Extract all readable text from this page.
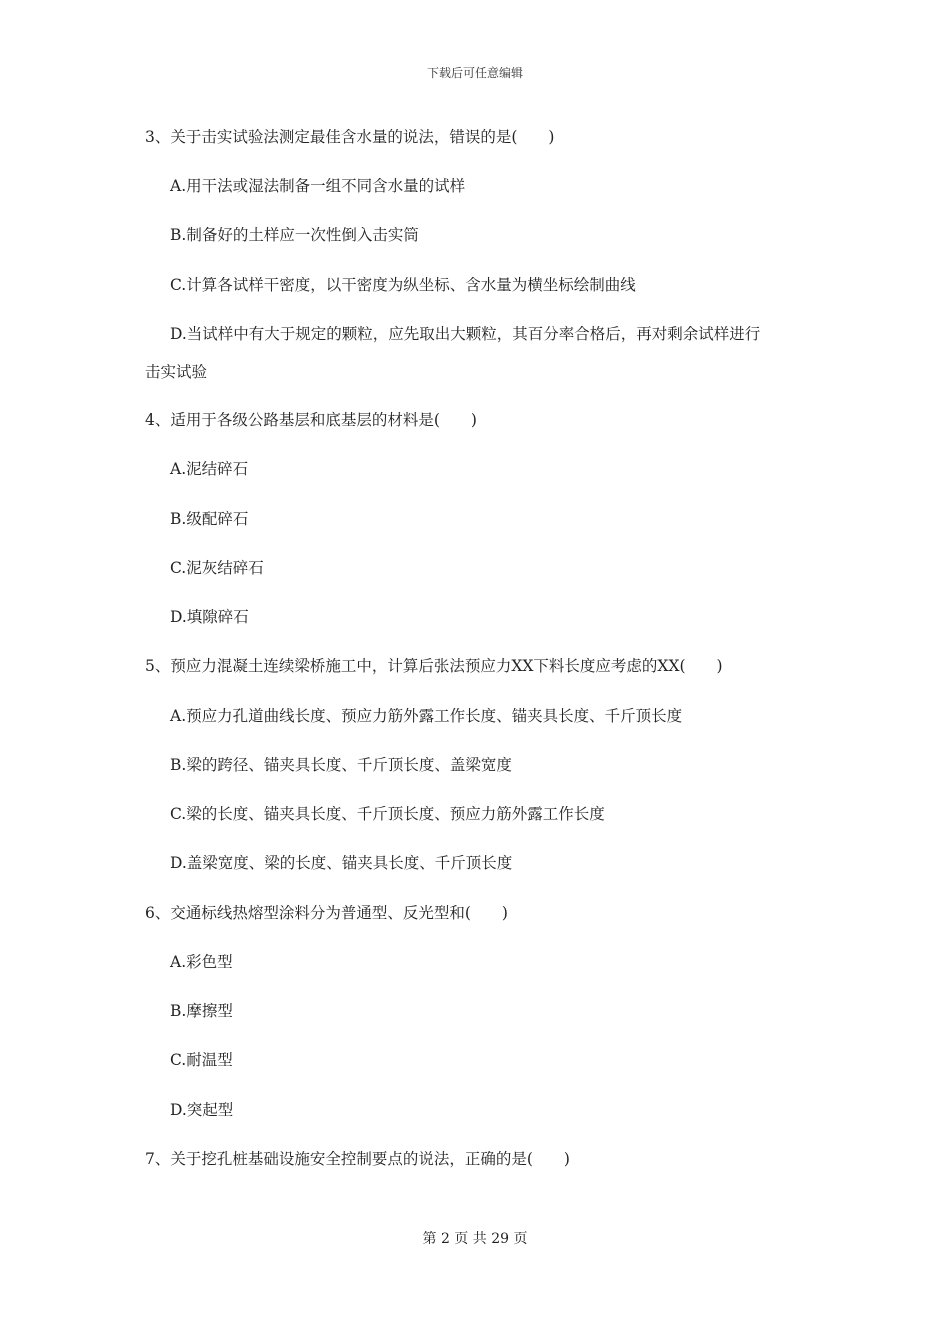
下载后可任意编辑
3、关于击实试验法测定最佳含水量的说法，错误的是(　　)
A.用干法或湿法制备一组不同含水量的试样
B.制备好的土样应一次性倒入击实筒
C.计算各试样干密度，以干密度为纵坐标、含水量为横坐标绘制曲线
D.当试样中有大于规定的颗粒，应先取出大颗粒，其百分率合格后，再对剩余试样进行
击实试验
4、适用于各级公路基层和底基层的材料是(　　)
A.泥结碎石
B.级配碎石
C.泥灰结碎石
D.填隙碎石
5、预应力混凝土连续梁桥施工中，计算后张法预应力XX下料长度应考虑的XX(　　)
A.预应力孔道曲线长度、预应力筋外露工作长度、锚夹具长度、千斤顶长度
B.梁的跨径、锚夹具长度、千斤顶长度、盖梁宽度
C.梁的长度、锚夹具长度、千斤顶长度、预应力筋外露工作长度
D.盖梁宽度、梁的长度、锚夹具长度、千斤顶长度
6、交通标线热熔型涂料分为普通型、反光型和(　　)
A.彩色型
B.摩擦型
C.耐温型
D.突起型
7、关于挖孔桩基础设施安全控制要点的说法，正确的是(　　)
第 2 页 共 29 页
